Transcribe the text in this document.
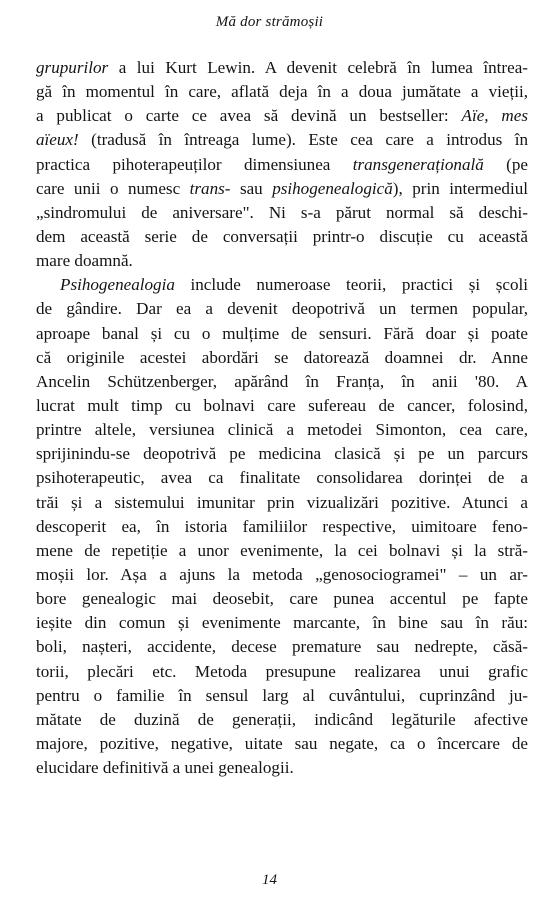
Mă dor strămoșii
grupurilor a lui Kurt Lewin. A devenit celebră în lumea întrea-
gă în momentul în care, aflată deja în a doua jumătate a vieții,
a publicat o carte ce avea să devină un bestseller: Aïe, mes
aïeux! (tradusă în întreaga lume). Este cea care a introdus în
practica pihoterapeuților dimensiunea transgenerațională (pe
care unii o numesc trans- sau psihogenealogică), prin intermediul
„sindromului de aniversare". Ni s-a părut normal să deschi-
dem această serie de conversații printr-o discuție cu această
mare doamnă.
Psihogenealogia include numeroase teorii, practici și școli
de gândire. Dar ea a devenit deopotrivă un termen popular,
aproape banal și cu o mulțime de sensuri. Fără doar și poate
că originile acestei abordări se datorează doamnei dr. Anne
Ancelin Schützenberger, apărând în Franța, în anii '80. A
lucrat mult timp cu bolnavi care sufereau de cancer, folosind,
printre altele, versiunea clinică a metodei Simonton, cea care,
sprijinindu-se deopotrivă pe medicina clasică și pe un parcurs
psihoterapeutic, avea ca finalitate consolidarea dorinței de a
trăi și a sistemului imunitar prin vizualizări pozitive. Atunci a
descoperit ea, în istoria familiilor respective, uimitoare feno-
mene de repetiție a unor evenimente, la cei bolnavi și la stră-
moșii lor. Așa a ajuns la metoda „genosociogramei" – un ar-
bore genealogic mai deosebit, care punea accentul pe fapte
ieșite din comun și evenimente marcante, în bine sau în rău:
boli, nașteri, accidente, decese premature sau nedrepte, căsă-
torii, plecări etc. Metoda presupune realizarea unui grafic
pentru o familie în sensul larg al cuvântului, cuprinzând ju-
mătate de duzină de generații, indicând legăturile afective
majore, pozitive, negative, uitate sau negate, ca o încercare de
elucidare definitivă a unei genealogii.
14
